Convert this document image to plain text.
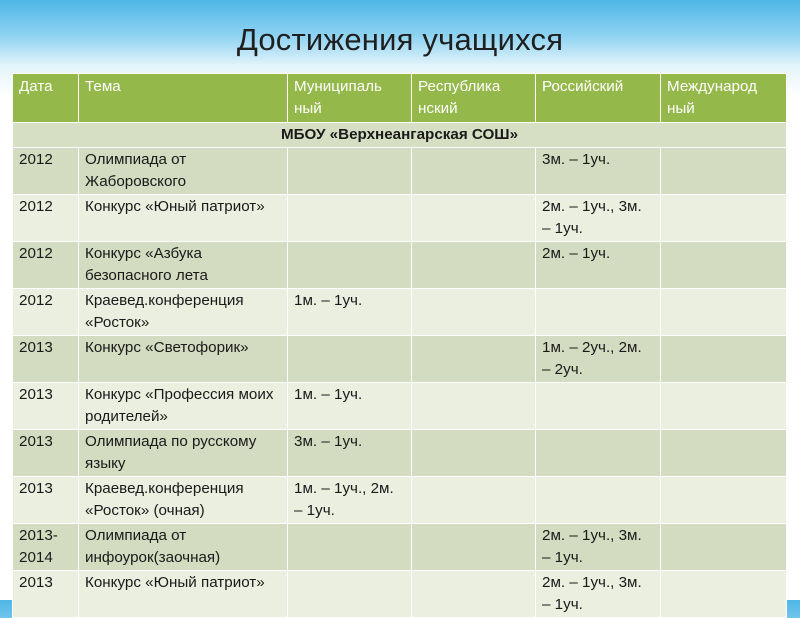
Достижения учащихся
Дата	Тема	Муниципаль ный	Республика нский	Российский	Международ ный
МБОУ «Верхнеангарская СОШ»					
2012	Олимпиада от Жаборовского			3м. – 1уч.	
2012	Конкурс «Юный патриот»			2м. – 1уч., 3м. – 1уч.	
2012	Конкурс «Азбука безопасного лета			2м. – 1уч.	
2012	Краевед.конференция «Росток»	1м. – 1уч.			
2013	Конкурс «Светофорик»			1м. – 2уч., 2м. – 2уч.	
2013	Конкурс «Профессия моих родителей»	1м. – 1уч.			
2013	Олимпиада по русскому языку	3м. – 1уч.			
2013	Краевед.конференция «Росток» (очная)	1м. – 1уч., 2м. – 1уч.			
2013-2014	Олимпиада от инфоурок(заочная)			2м. – 1уч., 3м. – 1уч.	
2013	Конкурс «Юный патриот»			2м. – 1уч., 3м. – 1уч.	
